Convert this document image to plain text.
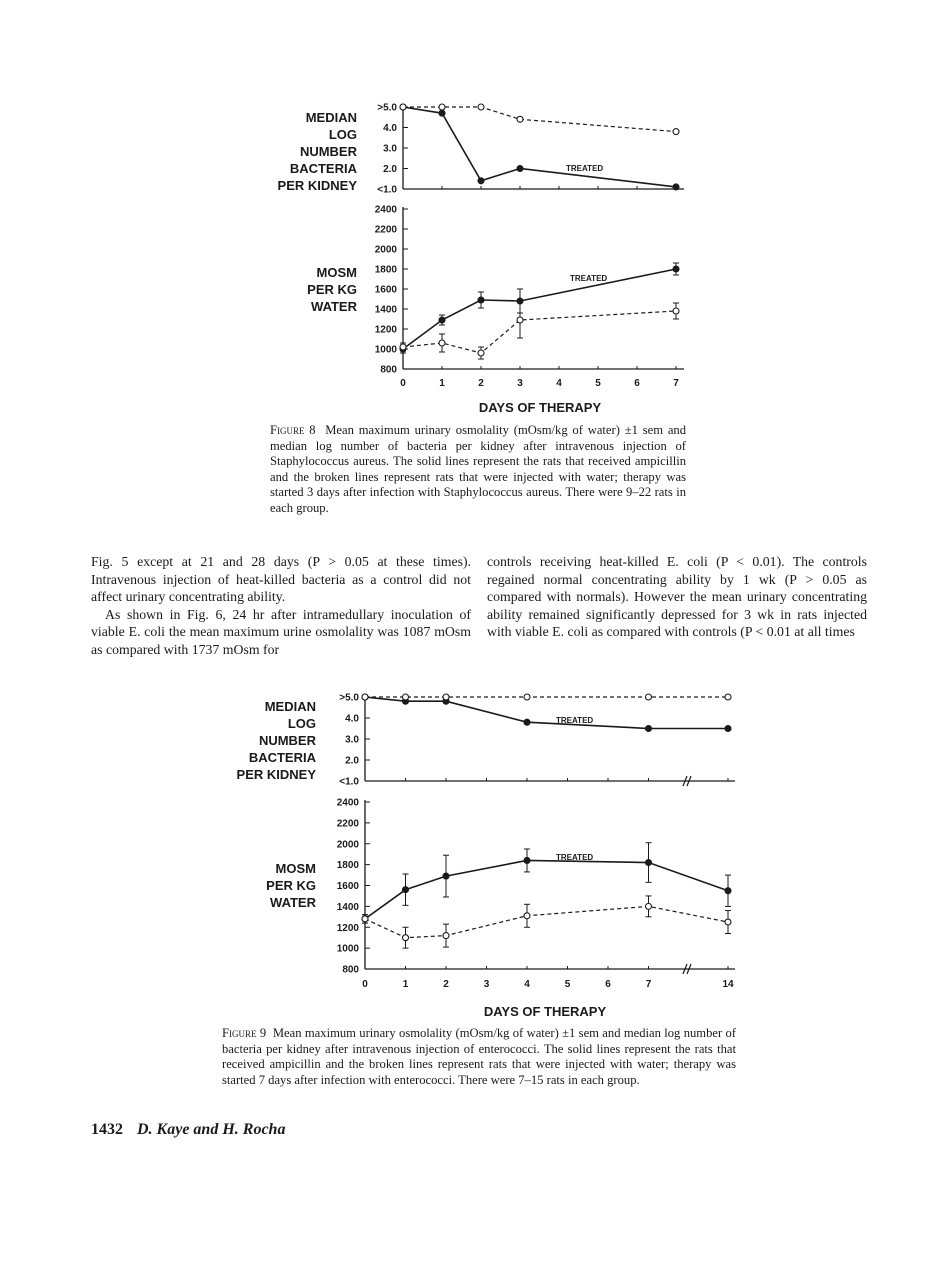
MEDIAN
LOG
NUMBER
BACTERIA
PER KIDNEY
MOSM
PER KG
WATER
>5.0
4.0
3.0
2.0
<1.0
2400
2200
2000
1800
1600
1400
1200
1000
800
0	1	2	3	4	5	6	7
TREATED
TREATED
DAYS OF THERAPY

Figure 8 Mean maximum urinary osmolality (mOsm/kg of water) ±1 sem and median log number of bacteria per kidney after intravenous injection of Staphylococcus aureus. The solid lines represent the rats that received ampicillin and the broken lines represent rats that were injected with water; therapy was started 3 days after infection with Staphylococcus aureus. There were 9–22 rats in each group.

Fig. 5 except at 21 and 28 days (P > 0.05 at these times). Intravenous injection of heat-killed bacteria as a control did not affect urinary concentrating ability.

As shown in Fig. 6, 24 hr after intramedullary inoculation of viable E. coli the mean maximum urine osmolality was 1087 mOsm as compared with 1737 mOsm for

controls receiving heat-killed E. coli (P < 0.01). The controls regained normal concentrating ability by 1 wk (P > 0.05 as compared with normals). However the mean urinary concentrating ability remained significantly depressed for 3 wk in rats injected with viable E. coli as compared with controls (P < 0.01 at all times

MEDIAN
LOG
NUMBER
BACTERIA
PER KIDNEY
MOSM
PER KG
WATER
>5.0
4.0
3.0
2.0
<1.0
2400
2200
2000
1800
1600
1400
1200
1000
800
0	1	2	3	4	5	6	7	14
TREATED
TREATED
DAYS OF THERAPY

Figure 9 Mean maximum urinary osmolality (mOsm/kg of water) ±1 sem and median log number of bacteria per kidney after intravenous injection of enterococci. The solid lines represent the rats that received ampicillin and the broken lines represent rats that were injected with water; therapy was started 7 days after infection with enterococci. There were 7–15 rats in each group.

1432 D. Kaye and H. Rocha
